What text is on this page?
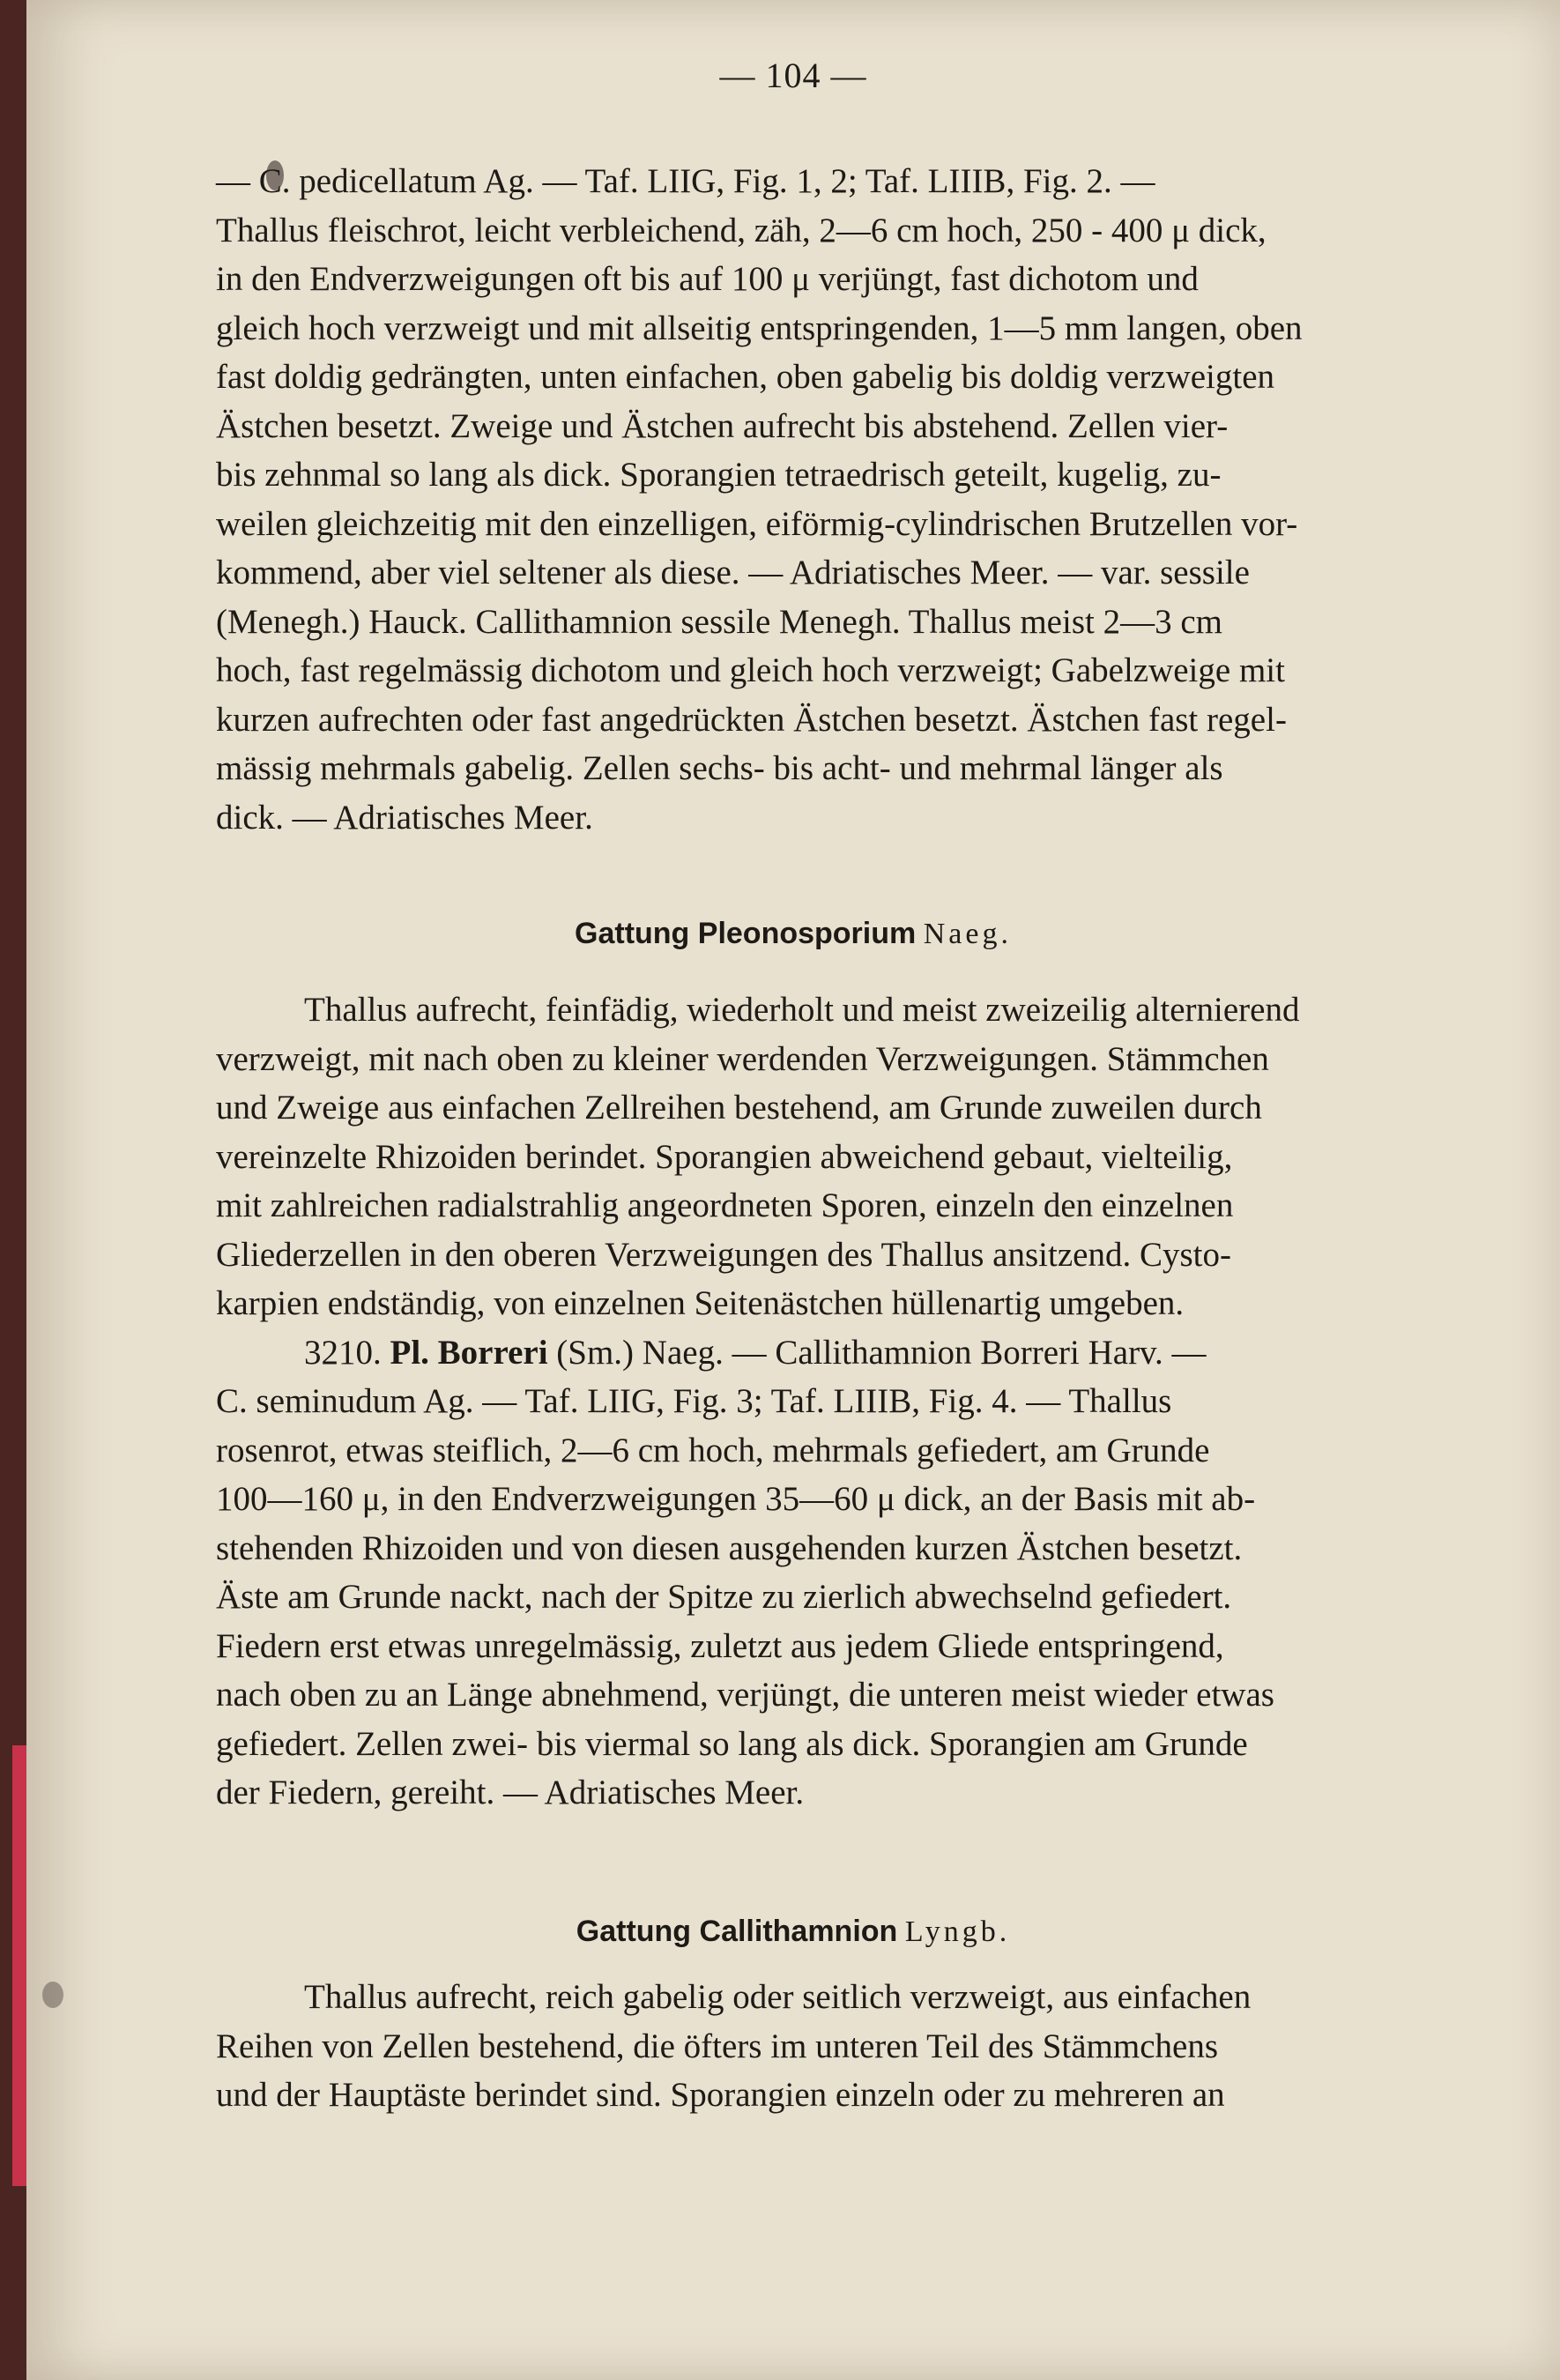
— 104 —

— C. pedicellatum Ag. — Taf. LIIG, Fig. 1, 2; Taf. LIIIB, Fig. 2. —

Thallus fleischrot, leicht verbleichend, zäh, 2—6 cm hoch, 250 - 400 μ dick,

in den Endverzweigungen oft bis auf 100 μ verjüngt, fast dichotom und

gleich hoch verzweigt und mit allseitig entspringenden, 1—5 mm langen, oben

fast doldig gedrängten, unten einfachen, oben gabelig bis doldig verzweigten

Ästchen besetzt. Zweige und Ästchen aufrecht bis abstehend. Zellen vier-

bis zehnmal so lang als dick. Sporangien tetraedrisch geteilt, kugelig, zu-

weilen gleichzeitig mit den einzelligen, eiförmig-cylindrischen Brutzellen vor-

kommend, aber viel seltener als diese. — Adriatisches Meer. — var. sessile

(Menegh.) Hauck. Callithamnion sessile Menegh. Thallus meist 2—3 cm

hoch, fast regelmässig dichotom und gleich hoch verzweigt; Gabelzweige mit

kurzen aufrechten oder fast angedrückten Ästchen besetzt. Ästchen fast regel-

mässig mehrmals gabelig. Zellen sechs- bis acht- und mehrmal länger als

dick. — Adriatisches Meer.

Gattung Pleonosporium Naeg.

Thallus aufrecht, feinfädig, wiederholt und meist zweizeilig alternierend

verzweigt, mit nach oben zu kleiner werdenden Verzweigungen. Stämmchen

und Zweige aus einfachen Zellreihen bestehend, am Grunde zuweilen durch

vereinzelte Rhizoiden berindet. Sporangien abweichend gebaut, vielteilig,

mit zahlreichen radialstrahlig angeordneten Sporen, einzeln den einzelnen

Gliederzellen in den oberen Verzweigungen des Thallus ansitzend. Cysto-

karpien endständig, von einzelnen Seitenästchen hüllenartig umgeben.

3210. Pl. Borreri (Sm.) Naeg. — Callithamnion Borreri Harv. —

C. seminudum Ag. — Taf. LIIG, Fig. 3; Taf. LIIIB, Fig. 4. — Thallus

rosenrot, etwas steiflich, 2—6 cm hoch, mehrmals gefiedert, am Grunde

100—160 μ, in den Endverzweigungen 35—60 μ dick, an der Basis mit ab-

stehenden Rhizoiden und von diesen ausgehenden kurzen Ästchen besetzt.

Äste am Grunde nackt, nach der Spitze zu zierlich abwechselnd gefiedert.

Fiedern erst etwas unregelmässig, zuletzt aus jedem Gliede entspringend,

nach oben zu an Länge abnehmend, verjüngt, die unteren meist wieder etwas

gefiedert. Zellen zwei- bis viermal so lang als dick. Sporangien am Grunde

der Fiedern, gereiht. — Adriatisches Meer.

Gattung Callithamnion Lyngb.

Thallus aufrecht, reich gabelig oder seitlich verzweigt, aus einfachen

Reihen von Zellen bestehend, die öfters im unteren Teil des Stämmchens

und der Hauptäste berindet sind. Sporangien einzeln oder zu mehreren an
